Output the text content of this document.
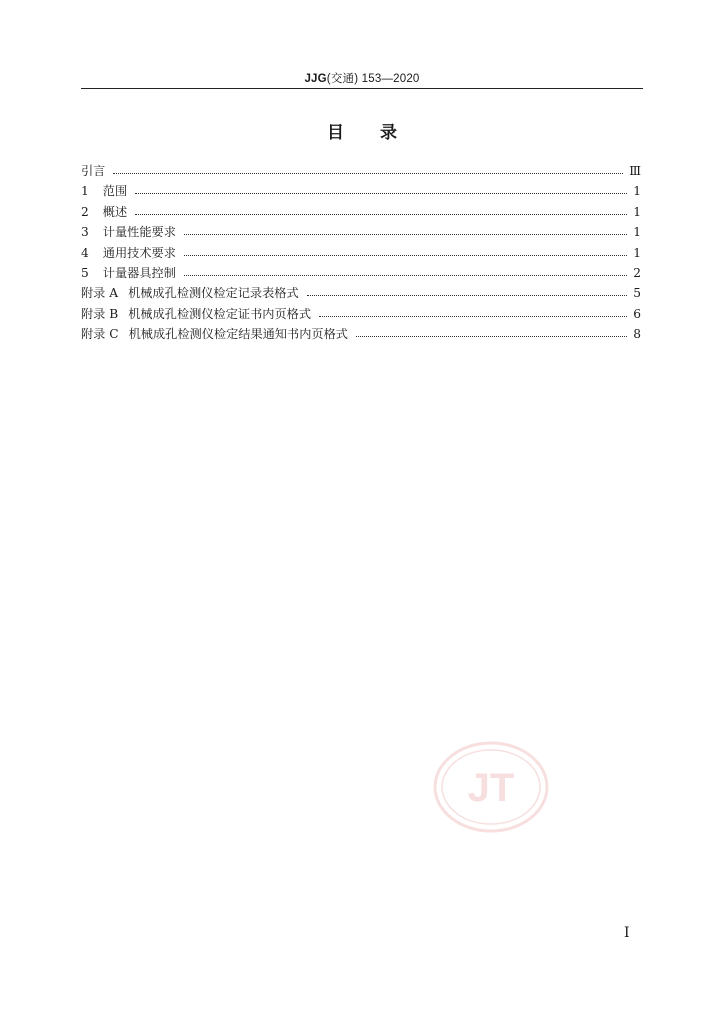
JJG(交通) 153—2020
目录
引言	Ⅲ
1 范围	1
2 概述	1
3 计量性能要求	1
4 通用技术要求	1
5 计量器具控制	2
附录 A 机械成孔检测仪检定记录表格式	5
附录 B 机械成孔检测仪检定证书内页格式	6
附录 C 机械成孔检测仪检定结果通知书内页格式	8
JT
I
